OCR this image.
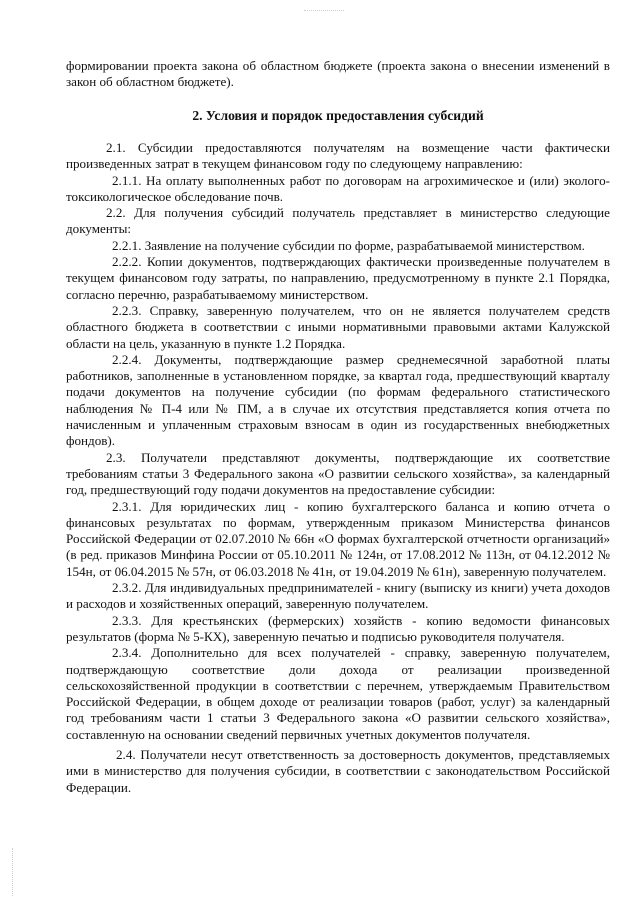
формировании проекта закона об областном бюджете (проекта закона о внесении изменений в закон об областном бюджете).
2. Условия и порядок предоставления субсидий

2.1. Субсидии предоставляются получателям на возмещение части фактически произведенных затрат в текущем финансовом году по следующему направлению:

2.1.1. На оплату выполненных работ по договорам на агрохимическое и (или) эколого-токсикологическое обследование почв.

2.2. Для получения субсидий получатель представляет в министерство следующие документы:

2.2.1. Заявление на получение субсидии по форме, разрабатываемой министерством.

2.2.2. Копии документов, подтверждающих фактически произведенные получателем в текущем финансовом году затраты, по направлению, предусмотренному в пункте 2.1 Порядка, согласно перечню, разрабатываемому министерством.

2.2.3. Справку, заверенную получателем, что он не является получателем средств областного бюджета в соответствии с иными нормативными правовыми актами Калужской области на цель, указанную в пункте 1.2 Порядка.

2.2.4. Документы, подтверждающие размер среднемесячной заработной платы работников, заполненные в установленном порядке, за квартал года, предшествующий кварталу подачи документов на получение субсидии (по формам федерального статистического наблюдения № П-4 или № ПМ, а в случае их отсутствия представляется копия отчета по начисленным и уплаченным страховым взносам в один из государственных внебюджетных фондов).

2.3. Получатели представляют документы, подтверждающие их соответствие требованиям статьи 3 Федерального закона «О развитии сельского хозяйства», за календарный год, предшествующий году подачи документов на предоставление субсидии:

2.3.1. Для юридических лиц - копию бухгалтерского баланса и копию отчета о финансовых результатах по формам, утвержденным приказом Министерства финансов Российской Федерации от 02.07.2010 № 66н «О формах бухгалтерской отчетности организаций» (в ред. приказов Минфина России от 05.10.2011 № 124н, от 17.08.2012 № 113н, от 04.12.2012 № 154н, от 06.04.2015 № 57н, от 06.03.2018 № 41н, от 19.04.2019 № 61н), заверенную получателем.

2.3.2. Для индивидуальных предпринимателей - книгу (выписку из книги) учета доходов и расходов и хозяйственных операций, заверенную получателем.

2.3.3. Для крестьянских (фермерских) хозяйств - копию ведомости финансовых результатов (форма № 5-КХ), заверенную печатью и подписью руководителя получателя.

2.3.4. Дополнительно для всех получателей - справку, заверенную получателем, подтверждающую соответствие доли дохода от реализации произведенной сельскохозяйственной продукции в соответствии с перечнем, утверждаемым Правительством Российской Федерации, в общем доходе от реализации товаров (работ, услуг) за календарный год требованиям части 1 статьи 3 Федерального закона «О развитии сельского хозяйства», составленную на основании сведений первичных учетных документов получателя.

2.4. Получатели несут ответственность за достоверность документов, представляемых ими в министерство для получения субсидии, в соответствии с законодательством Российской Федерации.
